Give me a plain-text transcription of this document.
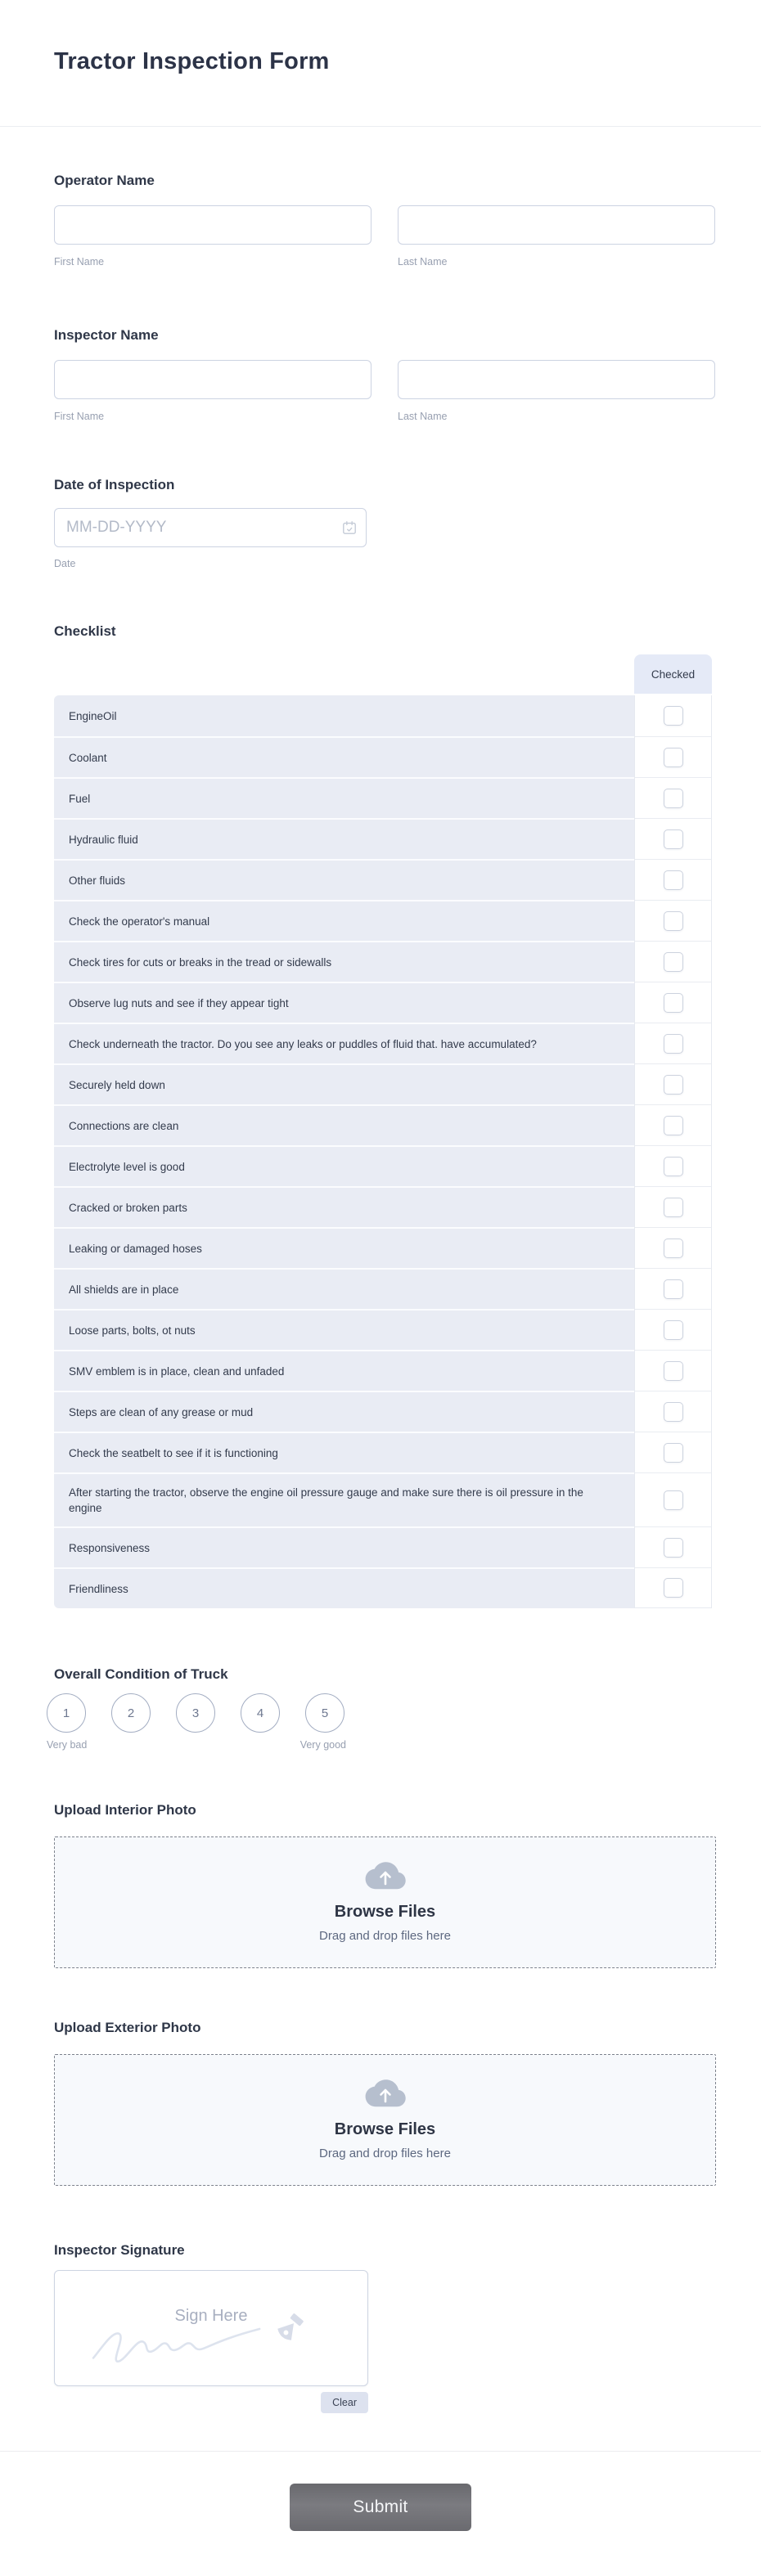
Tractor Inspection Form
Operator Name
First Name	Last Name
Inspector Name
First Name	Last Name
Date of Inspection
MM-DD-YYYY
Date
Checklist
Checked
EngineOil
Coolant
Fuel
Hydraulic fluid
Other fluids
Check the operator's manual
Check tires for cuts or breaks in the tread or sidewalls
Observe lug nuts and see if they appear tight
Check underneath the tractor. Do you see any leaks or puddles of fluid that. have accumulated?
Securely held down
Connections are clean
Electrolyte level is good
Cracked or broken parts
Leaking or damaged hoses
All shields are in place
Loose parts, bolts, ot nuts
SMV emblem is in place, clean and unfaded
Steps are clean of any grease or mud
Check the seatbelt to see if it is functioning
After starting the tractor, observe the engine oil pressure gauge and make sure there is oil pressure in the engine
Responsiveness
Friendliness
Overall Condition of Truck
1	2	3	4	5
Very bad	Very good
Upload Interior Photo
Browse Files
Drag and drop files here
Upload Exterior Photo
Browse Files
Drag and drop files here
Inspector Signature
Sign Here
Clear
Submit
